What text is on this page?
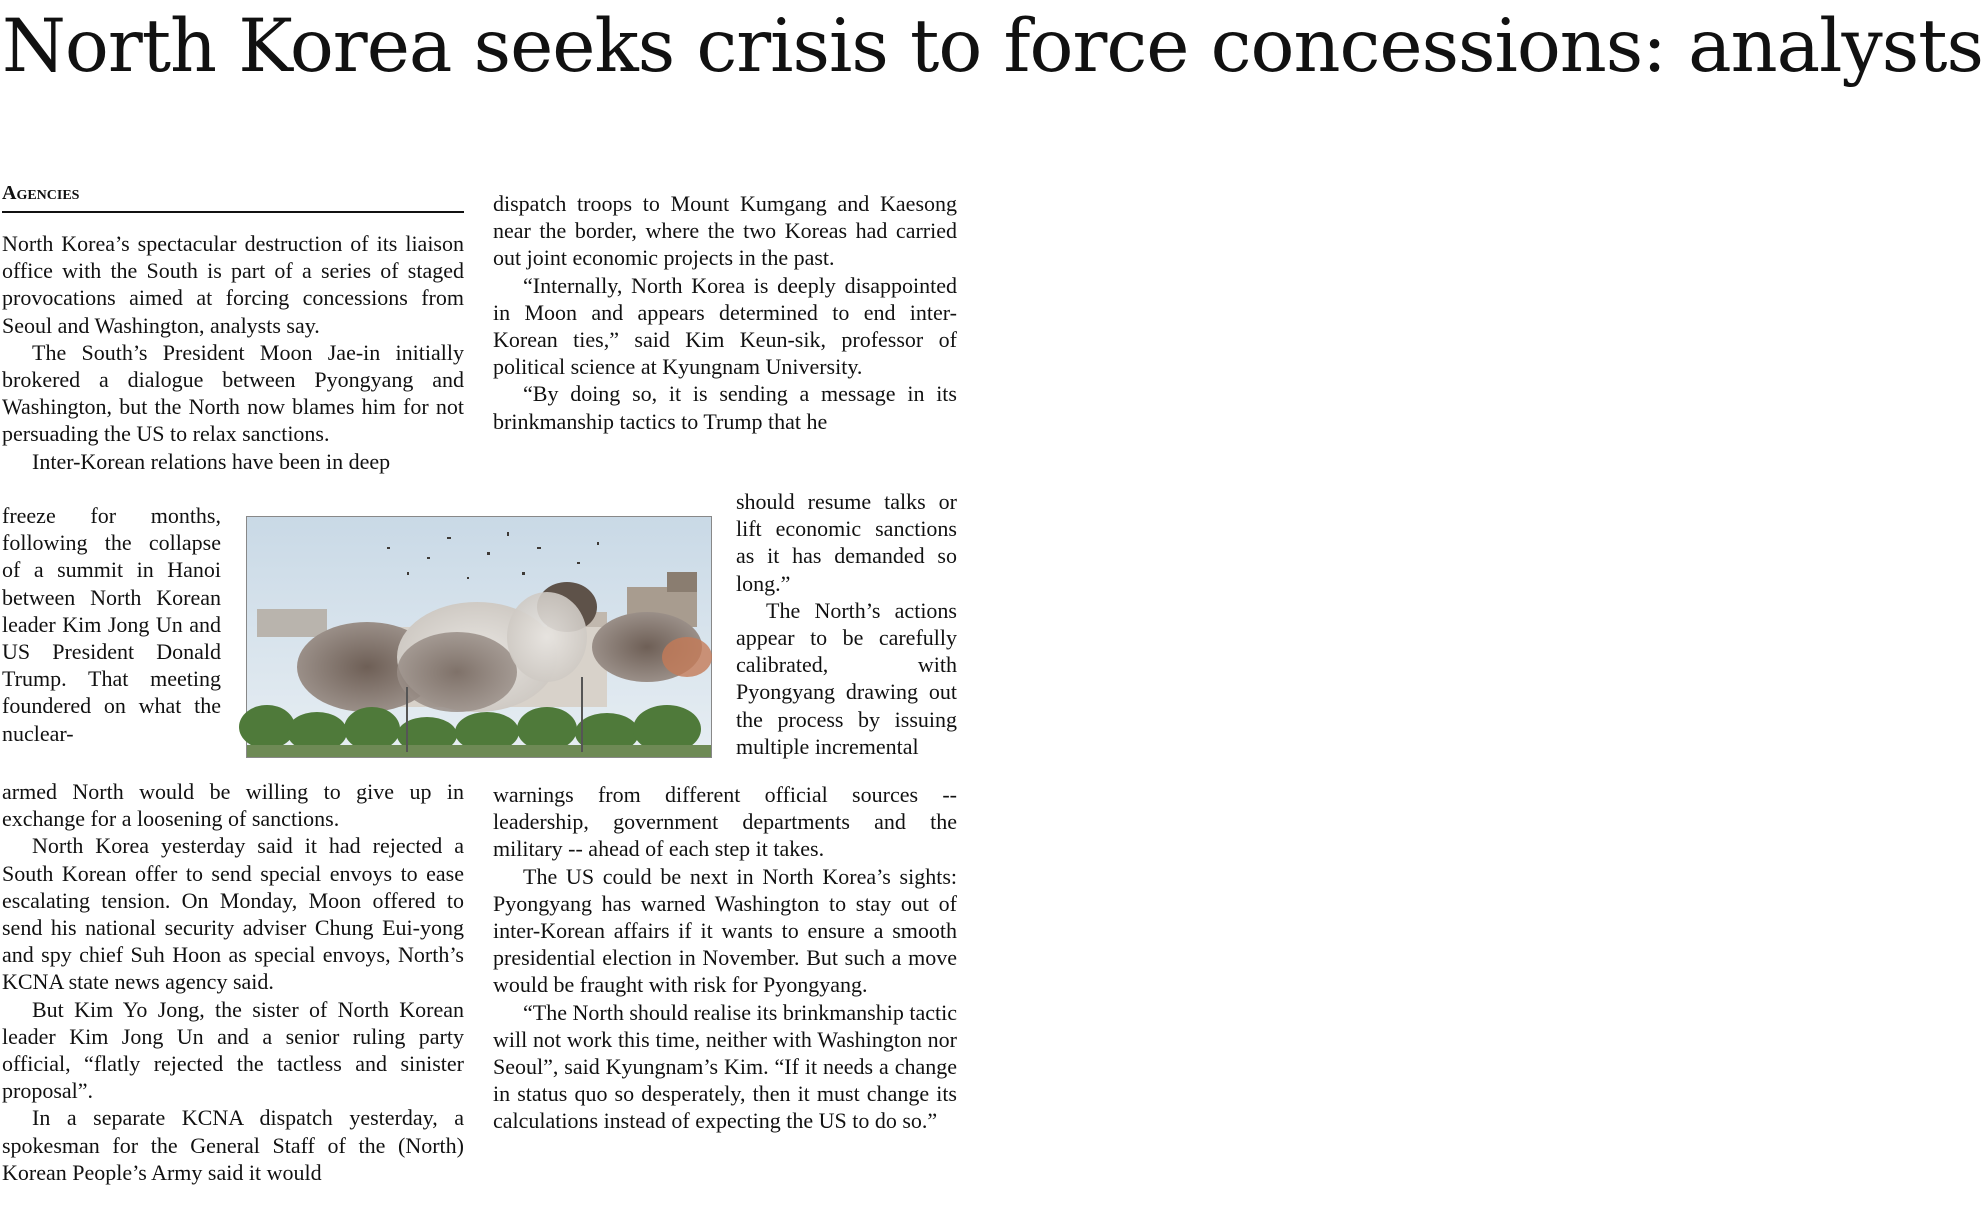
North Korea seeks crisis to force concessions: analysts
Agencies

North Korea’s spectacular destruction of its liaison office with the South is part of a series of staged provocations aimed at forcing concessions from Seoul and Washington, analysts say.

The South’s President Moon Jae-in initially brokered a dialogue between Pyongyang and Washington, but the North now blames him for not persuading the US to relax sanctions.

Inter-Korean relations have been in deep

freeze for months, following the collapse of a summit in Hanoi between North Korean leader Kim Jong Un and US President Donald Trump. That meeting foundered on what the nuclear-

armed North would be willing to give up in exchange for a loosening of sanctions.

North Korea yesterday said it had rejected a South Korean offer to send special envoys to ease escalating tension. On Monday, Moon offered to send his national security adviser Chung Eui-yong and spy chief Suh Hoon as special envoys, North’s KCNA state news agency said.

But Kim Yo Jong, the sister of North Korean leader Kim Jong Un and a senior ruling party official, “flatly rejected the tactless and sinister proposal”.

In a separate KCNA dispatch yesterday, a spokesman for the General Staff of the (North) Korean People’s Army said it would

dispatch troops to Mount Kumgang and Kaesong near the border, where the two Koreas had carried out joint economic projects in the past.

“Internally, North Korea is deeply disappointed in Moon and appears determined to end inter-Korean ties,” said Kim Keun-sik, professor of political science at Kyungnam University.

“By doing so, it is sending a message in its brinkmanship tactics to Trump that he

should resume talks or lift economic sanctions as it has demanded so long.”

The North’s actions appear to be carefully calibrated, with Pyongyang drawing out the process by issuing multiple incremental

warnings from different official sources -- leadership, government departments and the military -- ahead of each step it takes.

The US could be next in North Korea’s sights: Pyongyang has warned Washington to stay out of inter-Korean affairs if it wants to ensure a smooth presidential election in November. But such a move would be fraught with risk for Pyongyang.

“The North should realise its brinkmanship tactic will not work this time, neither with Washington nor Seoul”, said Kyungnam’s Kim. “If it needs a change in status quo so desperately, then it must change its calculations instead of expecting the US to do so.”
